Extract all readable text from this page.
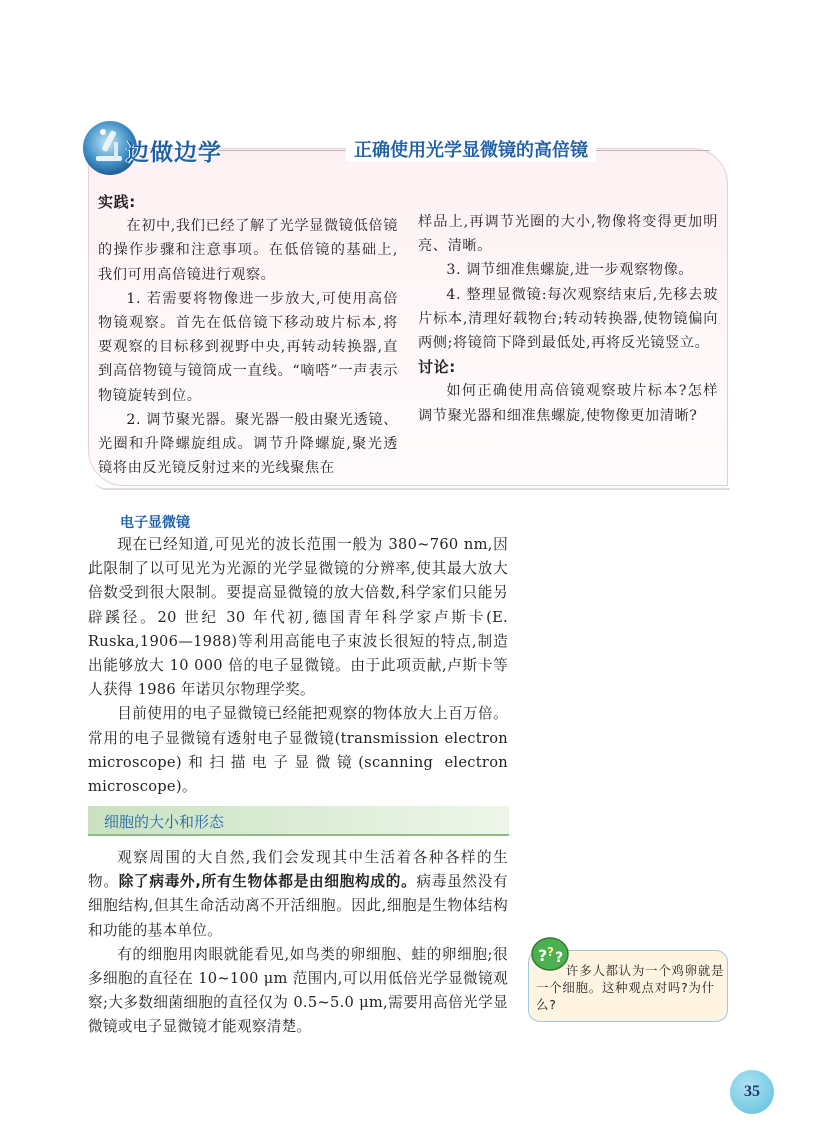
边做边学	正确使用光学显微镜的高倍镜

实践:

在初中,我们已经了解了光学显微镜低倍镜的操作步骤和注意事项。在低倍镜的基础上,我们可用高倍镜进行观察。

1. 若需要将物像进一步放大,可使用高倍物镜观察。首先在低倍镜下移动玻片标本,将要观察的目标移到视野中央,再转动转换器,直到高倍物镜与镜筒成一直线。“嘀嗒”一声表示物镜旋转到位。

2. 调节聚光器。聚光器一般由聚光透镜、光圈和升降螺旋组成。调节升降螺旋,聚光透镜将由反光镜反射过来的光线聚焦在

样品上,再调节光圈的大小,物像将变得更加明亮、清晰。

3. 调节细准焦螺旋,进一步观察物像。

4. 整理显微镜:每次观察结束后,先移去玻片标本,清理好载物台;转动转换器,使物镜偏向两侧;将镜筒下降到最低处,再将反光镜竖立。

讨论:

如何正确使用高倍镜观察玻片标本?怎样调节聚光器和细准焦螺旋,使物像更加清晰?

电子显微镜

现在已经知道,可见光的波长范围一般为 380~760 nm,因此限制了以可见光为光源的光学显微镜的分辨率,使其最大放大倍数受到很大限制。要提高显微镜的放大倍数,科学家们只能另辟蹊径。20 世纪 30 年代初,德国青年科学家卢斯卡(E. Ruska,1906—1988)等利用高能电子束波长很短的特点,制造出能够放大 10 000 倍的电子显微镜。由于此项贡献,卢斯卡等人获得 1986 年诺贝尔物理学奖。

目前使用的电子显微镜已经能把观察的物体放大上百万倍。常用的电子显微镜有透射电子显微镜(transmission electron microscope)和扫描电子显微镜(scanning electron microscope)。

细胞的大小和形态

观察周围的大自然,我们会发现其中生活着各种各样的生物。除了病毒外,所有生物体都是由细胞构成的。病毒虽然没有细胞结构,但其生命活动离不开活细胞。因此,细胞是生物体结构和功能的基本单位。

有的细胞用肉眼就能看见,如鸟类的卵细胞、蛙的卵细胞;很多细胞的直径在 10~100 μm 范围内,可以用低倍光学显微镜观察;大多数细菌细胞的直径仅为 0.5~5.0 μm,需要用高倍光学显微镜或电子显微镜才能观察清楚。

? ? ?
许多人都认为一个鸡卵就是一个细胞。这种观点对吗?为什么?
35
